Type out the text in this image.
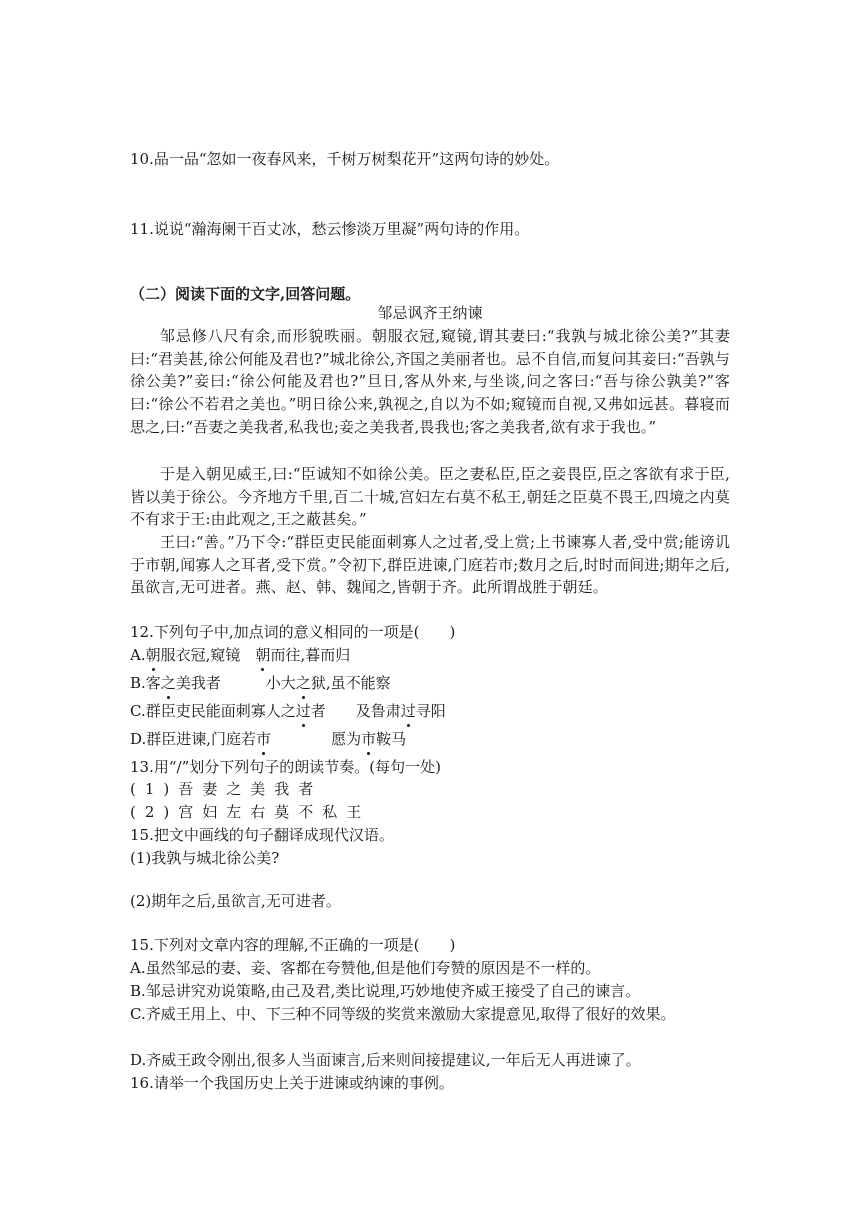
10.品一品“忽如一夜春风来，千树万树梨花开”这两句诗的妙处。
11.说说“瀚海阑干百丈冰，愁云惨淡万里凝”两句诗的作用。
（二）阅读下面的文字,回答问题。
邹忌讽齐王纳谏
邹忌修八尺有余,而形貌昳丽。朝服衣冠,窥镜,谓其妻曰:“我孰与城北徐公美?”其妻曰:“君美甚,徐公何能及君也?”城北徐公,齐国之美丽者也。忌不自信,而复问其妾曰:“吾孰与徐公美?”妾曰:“徐公何能及君也?”旦日,客从外来,与坐谈,问之客曰:“吾与徐公孰美?”客曰:“徐公不若君之美也。”明日徐公来,孰视之,自以为不如;窥镜而自视,又弗如远甚。暮寝而思之,曰:“吾妻之美我者,私我也;妾之美我者,畏我也;客之美我者,欲有求于我也。”
于是入朝见威王,曰:“臣诚知不如徐公美。臣之妻私臣,臣之妾畏臣,臣之客欲有求于臣,皆以美于徐公。今齐地方千里,百二十城,宫妇左右莫不私王,朝廷之臣莫不畏王,四境之内莫不有求于王:由此观之,王之蔽甚矣。”
王曰:“善。”乃下令:“群臣吏民能面刺寡人之过者,受上赏;上书谏寡人者,受中赏;能谤讥于市朝,闻寡人之耳者,受下赏。”令初下,群臣进谏,门庭若市;数月之后,时时而间进;期年之后,虽欲言,无可进者。燕、赵、韩、魏闻之,皆朝于齐。此所谓战胜于朝廷。
12.下列句子中,加点词的意义相同的一项是(　　)
A.朝服衣冠,窥镜　 朝而往,暮而归
B.客之美我者　　　	小大之狱,虽不能察
C.群臣吏民能面刺寡人之过者　　 及鲁肃过寻阳
D.群臣进谏,门庭若市　　　　	愿为市鞍马
13.用“/”划分下列句子的朗读节奏。(每句一处)
(1)吾妻之美我者
(2)宫妇左右莫不私王
15.把文中画线的句子翻译成现代汉语。
(1)我孰与城北徐公美?
(2)期年之后,虽欲言,无可进者。
15.下列对文章内容的理解,不正确的一项是(　　)
A.虽然邹忌的妻、妾、客都在夸赞他,但是他们夸赞的原因是不一样的。
B.邹忌讲究劝说策略,由己及君,类比说理,巧妙地使齐威王接受了自己的谏言。
C.齐威王用上、中、下三种不同等级的奖赏来激励大家提意见,取得了很好的效果。
D.齐威王政令刚出,很多人当面谏言,后来则间接提建议,一年后无人再进谏了。
16.请举一个我国历史上关于进谏或纳谏的事例。
